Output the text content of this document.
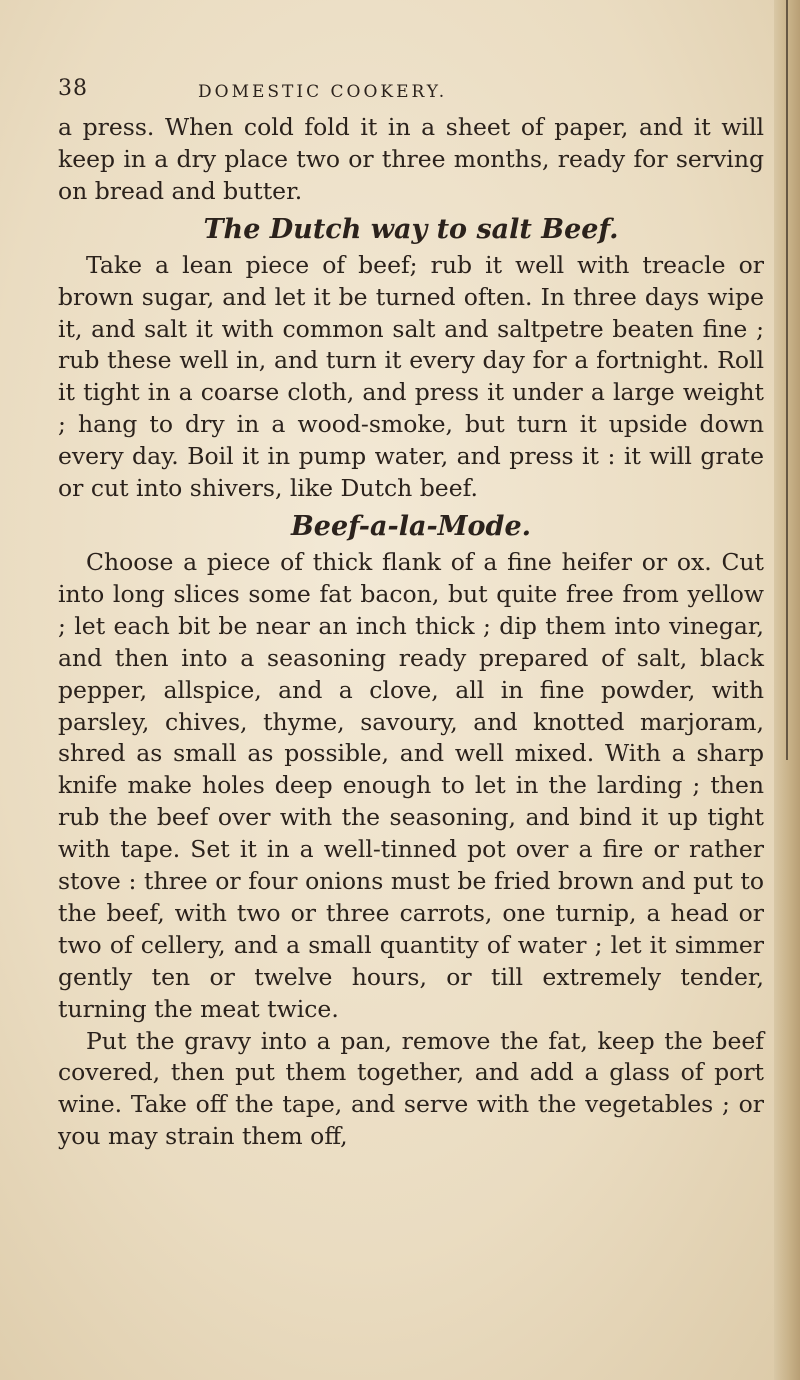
38	DOMESTIC COOKERY.

a press. When cold fold it in a sheet of paper, and it will keep in a dry place two or three months, ready for serving on bread and butter.

The Dutch way to salt Beef.

Take a lean piece of beef; rub it well with treacle or brown sugar, and let it be turned often. In three days wipe it, and salt it with common salt and saltpetre beaten fine ; rub these well in, and turn it every day for a fortnight. Roll it tight in a coarse cloth, and press it under a large weight ; hang to dry in a wood-smoke, but turn it upside down every day. Boil it in pump water, and press it : it will grate or cut into shivers, like Dutch beef.

Beef-a-la-Mode.

Choose a piece of thick flank of a fine heifer or ox. Cut into long slices some fat bacon, but quite free from yellow ; let each bit be near an inch thick ; dip them into vinegar, and then into a seasoning ready prepared of salt, black pepper, allspice, and a clove, all in fine powder, with parsley, chives, thyme, savoury, and knotted marjoram, shred as small as possible, and well mixed. With a sharp knife make holes deep enough to let in the larding ; then rub the beef over with the seasoning, and bind it up tight with tape. Set it in a well-tinned pot over a fire or rather stove : three or four onions must be fried brown and put to the beef, with two or three carrots, one turnip, a head or two of cellery, and a small quantity of water ; let it simmer gently ten or twelve hours, or till extremely tender, turning the meat twice.

Put the gravy into a pan, remove the fat, keep the beef covered, then put them together, and add a glass of port wine. Take off the tape, and serve with the vegetables ; or you may strain them off,
